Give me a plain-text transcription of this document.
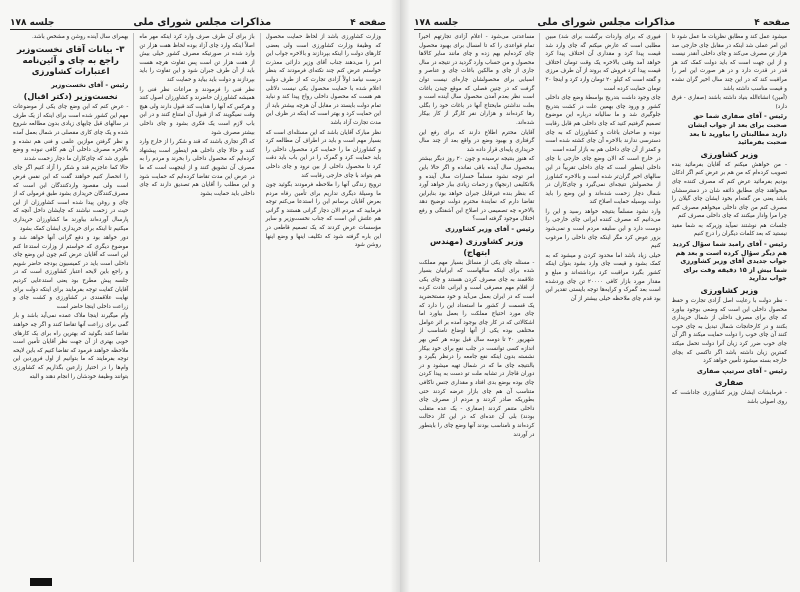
صفحه ۴
مذاکرات مجلس شورای ملی
جلسه ۱۷۸

وزارت کشاورزی باشد از لحاظ حمایت محصول که وظیفهٔ وزارت کشاورزی است ولی بعضی کارهای دولت را اینکه بپردازند و بالاخره جواب این امر را می‌دهند جناب آقای وزیر دارائی معذرت خواستم عرض کنم چند نکته‌ای فرمودند که بنظر درست نیامد اولاً آزادی تجارت که از طرف دولت اعلام شده با حمایت محصول یکی نیست دلائلی هم هست که محصول داخلی رواج پیدا کند و نباید تمام دولت بایستد در مقابل آن هرچه بیشتر باید از این حمایت کرد و بهتر است که اینکه در ظرف این مدت تجارت آزاد باشد

نظر مبارک آقایان باشد که این مسئله‌ای است که بسیار مهم است و باید در اطراف آن مطالعه کرد و کشاورزان ما را حمایت کرد محصول داخلی را باید حمایت کرد و گمرک را در این باب باید دقت کرد تا محصول داخلی از بین نرود و چای داخلی هم بتواند با چای خارجی رقابت کند

ترویج زندگی آنها را ملاحظه فرمودند بگوئید چون ما وسیلهٔ دیگری نداریم برای تأمین رفاه مردم بعرض آقایان برسانم این را استدعا می‌کنم توجه فرمایید که مردم الان دچار گرانی هستند و گرانی هم علتش این است که جناب نخست‌وزیر و سایر مؤسسات عرض کردند که یک تصمیم قاطعی در این باره گرفته شود که تکلیف اینها و وضع اینها روشن شود

باز برای آن طرف صرف وارد کرد اینکه مهر ماه اصلاً اینکه وارد چای آزاد بوده لحاظ هفت هزار تن وارد شده در صورتیکه مصرف کشور خیلی بیش از هفت هزار تن است پس تفاوت هرچه هست باید از آن طرف جبران شود و این تفاوت را باید بپردازند و دولت باید بیاید و حمایت کند

نظر فنی را فرمودند و مراعات نظر فنی را همیشه کشاورزان حاضرند و کشاورزان اصول کنند و هرکس که آنها را هدایت کند قبول دارند ولی هیچ وقت نمیگویند که از قبول آن امتناع کنند و در این باب لازم است یک فکری بشود و چای داخلی بیشتر مصرف شود

که اگر تجاری باشند که قند و شکر را از خارج وارد کنند و حالا چای داخلی هم اینطور است پیشنهاد کرده‌ایم که محصول داخلی را بخرند و مردم را به مصرف آن تشویق کنند و از اینجهت است که ما در عرض این مدت تقاضا کرده‌ایم که حمایت شود و این مطلب را آقایان هم تصدیق دارند که چای داخلی باید حمایت بشود

بهمرای سال آینده روشن و مشخص باشد.

۳- بیانات آقای نخست‌وزیر راجع به چای و آئین‌نامه اعتبارات کشاورزی
رئیس - آقای نخست‌وزیر
نخست‌وزیر (دکتر اقبال)

- عرض کنم که این وضع چای یکی از موضوعات مهم این کشور شده است برای اینکه از یک طرف در سالهای قبل چایهای زیادی بدون مطالعه شروع شده و یک چای کاری مفصلی در شمال بعمل آمده و نظر گرفتن موازین علمی و فنی هم نشده و بالاخره مصرف داخلی آن هم کافی نبوده و وضع طوری شد که چای‌کاران ما دچار زحمت شدند

حالا کما عاجزیم قند و شکر را آزاد کنیم اگر چای را انحصار کنیم خواهند گفت که این نفس فرض است ولی مقصود واردکنندگان این است که مصرف‌کنندگان خریداری بشود طبق فرمولی که از چای و روغن پیدا شده است کشاورزان از این حیث در زحمت نباشند که چایشان داخل آنچه که پارسال آورده‌اند بیاورند ما کشاورزان خریداری میکنیم تا اینکه برای خریداری ایشان کمک بشود

دور خواهد بود و دفع گرانی آنها خواهد شد و موضوع دیگری که خواستم از وزارت استدعا کنم این است که آقایان عرض کنم چون این وضع چای داخلی است باید در کمیسیون بودجه حاضر شویم و راجع باین لایحه اعتبار کشاورزی است که در جلسه پیش مطرح بود یعنی استدعایی کردیم آقایان کفایت توجه بفرمایند برای اینکه دولت برای نهایت علاقمندی در کشاورزی و کشت چای و زراعت داخلی اینجا حاضر است

وام میگیرند اینجا ملاک عمده نمی‌آید باشد و بار گمی برای زراعت آنها تقاضا کنند و اگر چه خواهند تقاضا کنند بگوئید که بهترین راه برای یک کارهای خوبی بهتری از آن جهت نظر آقایان تأمین است ملاحظه خواهند فرمود که تقاضا کنیم که باین لایحه توجه بفرمایند که ما بتوانیم از اول فروردین این وام‌ها را در اختیار زارعین بگذاریم که کشاورزی بتوانند وظیفهٔ خودشان را انجام دهند و البته

صفحه ۴
مذاکرات مجلس شورای ملی
جلسه ۱۷۸

میشود عمل کند و مطابق نظریات ما عمل شود تا این امر عملی شد اینکه در مقابل چای خارجی صد هزار تن مصرف می‌کند و چای داخلی آنقدر نیست و از این جهت است که باید دولت کمک کند هر قدر در قدرت دارد و در هر صورت این امر را مراقبت کند که در این چند سال اخیر گران نشده و قیمت مناسب داشته باشد

(آمین) انشاءالله بنیاد داشته باشند (صفاری - فرق دارد)

رئیس - آقای صفاری شما حق صحبت برای بعد از جواب ایشان دارید مطالبتان را بیاورید تا بعد صحبت بفرمائید
وزیر کشاورزی

- من خواهش میکنم که آقایان بفرمائید بنده تصویب کرده‌ام که من هم بر عرض کنم اگر ادکان بودیم بفرمائید عرض کنم که مصرف کننده چای میخواهند چای مطابق ذائقه شان در دسترسشان باشد یعنی من گفته‌ام بخود ایشان چای گیلان را مصرف کنم من چای داخلی میخواهم مصرف کنم چرا مرا وادار میکنند که چای داخلی مصرف کنم

جلسات هم نوشتند نمیآید وزیرکه به شما مقید نیستید که بعد کلمات دیگران را درج کنیم

رئیس - آقای رامبد شما سؤال کردید هم دیگر سؤال کرده است و بعد هم جواب جدیدی آقای وزیر کشاورزی شما بیش از ۱۵ دقیقه وقت برای جواب ندارید
وزیر کشاورزی

- نظر دولت با رعایت اصل آزادی تجارت و حفظ محصول داخلی این است که وضعی بوجود بیاورد که چای برای مصرف داخلی از شمال خریداری بکنند و در کارخانجات شمال تبدیل به چای خوب کنند آن چای خوب را دولت حمایت میکند و اگر آن چای خوب ضرر کرد زیان آنرا دولت تحمل میکند کمترین زیان داشته باشد اگر تاکسی که بچای خارجه بسته میشود تأمین خواهد کرد

رئیس - آقای سرتیپ صفاری
صفاری

- فرمایشات ایشان وزیر کشاورزی جاداشت که روی اصولی باشد

فیوری که برای واردات برگشت برای شد) مبین مطلبی است که عارض میکنم گه چای وارد شد قیمت پیدا کرد و مقداری آن اختلاف پیدا کرد خواهد آمد وقتی بالاخره یک وقت تومان اختلاف قیمت پیدا کرد فروش که بروند از آن طرف مرزی و گفته است که کیلو ۲۰ تومان وارد کرد و اینجا ۳۰ تومان حمایت کرده است

چای وجود داشت بتدریج بواسطهٔ وضع چای داخلی کشور و ورود چای بهمین علت در کشت بتدریج جلوگیری شد و ما سالیانه درباره این موضوع تصمیم گرفتیم کنید که چای داخلی هم قابل رقابت نبوده و صاحبان باغات و کشاورزان که به چای دسترسی ندارند بالاخره آن چای کشته شده است و کمتر از آن چای داخلی هم به بازار آمده است

در خارج است که الان وضع چای خارجی با چای داخلی اینطور است که چای داخلی تقریباً در این سالهای اخیر گران‌تر شده است و بالاخره کشاورز از محصولش نتیجه‌ای نمی‌گیرد و چای‌کاران در شمال دچار زحمت شده‌اند و این وضع را باید دولت بوسیله حمایت اصلاح کند

وارد نشود مسلماً بنتیجه خواهد رسید و این را می‌دانیم که مصرف کننده ایرانی چای خارجی را دوست دارد و این سلیقه مردم است و نمی‌شود بزور عوض کرد مگر اینکه چای داخلی را مرغوب کنیم

خیلی زیاد باشد اما محدود کردن و میشود که به کمک بشود و قیمت چای وارد بشود بنوان اینکه کشور بگیرد مراقبت کرد برداشته‌اند و مبلغ و مقدار مورد بازار کافی ۲۰۰۰۰ تن چای وردشده است بعد گمرک و کرایه‌ها توجه بایستی تقدیر این بود قدم چای ملاحظه خیلی بیشتر از آن

مساعدتی می‌شود - اعلام آزادی تجارتهم اخیراً تمام قواعدی را که تا امسال برای بهبود محصول چای کرده‌ایم بهم زده و چای مانند سایر کالاها محصول و من حساب وارد گردید در نتیجه در سال جاری از چای و مالکین باغات چای و عناصر و اسبابی برای محصولشان چاره‌ای نیست توان گرفت که در چنین فصلی که موقع چیدن باغات است نظر بعدم آمدن محصول سال آینده است و بعلت نداشتن مایحتاج آنها در باغات خود را بگلی رها کرده‌اند و هزاران نفر کارگر از کار بیکار شده‌اند.

آقایان محترم اطلاع دارند که برای رفع این گرفتاری و بهبود وضع در واقع بعد از چند سال خریداری پایه‌ای قرار داده شد

که هنوز بنتیجه نرسیده و چون ۲۰ روز دیگر بیشتر بمحصول سال آینده باقی نمانده و اگر حالا باین امر توجه نشود مسلماً خسارات سال آینده و بلاتکلیفی (رنجها) و زحمات زیادی ببار خواهد آورد که بنظر بنده غیرقابل جبران خواهد بود بنابراین تقاضا دارم که نمایندهٔ محترم دولت توضیح دهد بالاخره چه تصمیمی در اصلاح این آشفتگی و رفع اختلال موجود گرفته است؟

رئیس - آقای وزیر کشاورزی
وزیر کشاورزی (مهندس ابتهاج)

- مسئله چای یکی از مسائل بسیار مهم مملکت شده برای اینکه سالهاست که ایرانیان بسیار علاقمند به چای مصرف کردن هستند و چای یکی از اقلام مهم مصرفی است و ایرانی عادت کرده است که در ایران بعمل می‌آید و خود مستحضرید یک قسمت از کشور ما استعداد این را دارد که چای مورد احتیاج مملکت را بعمل بیاورد اما اشکالاتی که در کار چای بوجود آمده بر اثر عوامل مختلفی بوده یکی از آنها اوضاع نامناسب از شهریور ۲۰ تا دوسه سال قبل بوده هر کس بهر اندازه کسی توانست در جلب نفع برای خود بیکار نشسته بدون اینکه نفع جامعه را درنظر بگیرد و بالنتیجه چای ما که در شمال تهیه میشود و در دوران قاجار در تشابه ملت تو دست به پیدا کردن چای بوده بوضع بدی افتاد و مقداری جنس ناکافی متناسب آن هم چای بازار عرضه کردند حتی بطوریکه صادر کردند و مردم از مصرف چای داخلی متنفر کردند (صفاری - یک عده متقلب بودند) بلی آن عده‌ای که در این کار دخالت کرده‌اند و نامناسب بودند آنها وضع چای را باینطور در آوردند
